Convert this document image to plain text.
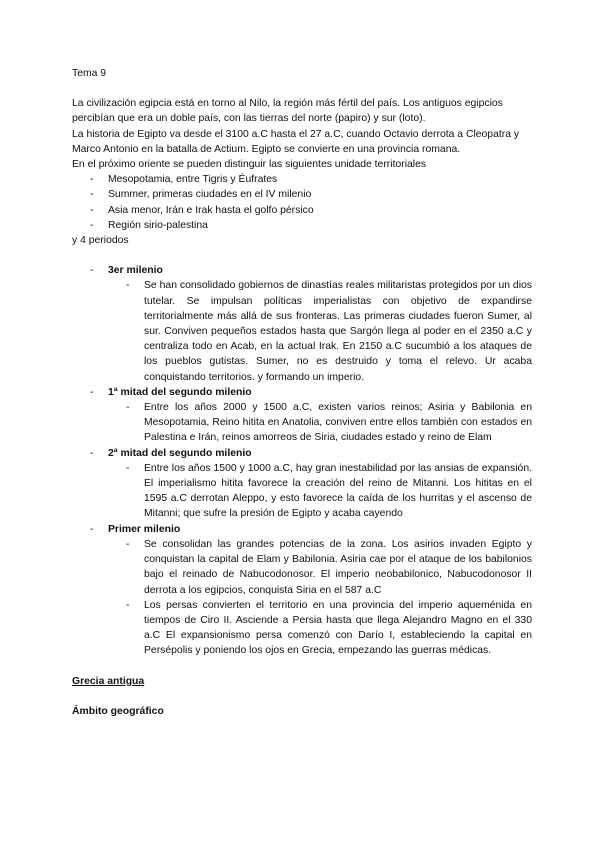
Tema 9

La civilización egipcia está en torno al Nilo, la región más fértil del país. Los antiguos egipcios percibían que era un doble país, con las tierras del norte (papiro) y sur (loto).

La historia de Egipto va desde el 3100 a.C hasta el 27 a.C, cuando Octavio derrota a Cleopatra y Marco Antonio en la batalla de Actium. Egipto se convierte en una provincia romana.

En el próximo oriente se pueden distinguir las siguientes unidade territoriales

- Mesopotamia, entre Tigris y Éufrates
- Summer, primeras ciudades en el IV milenio
- Asia menor, Irán e Irak hasta el golfo pérsico
- Región sirio-palestina

y 4 periodos

- 3er milenio
- Se han consolidado gobiernos de dinastías reales militaristas protegidos por un dios tutelar. Se impulsan políticas imperialistas con objetivo de expandirse territorialmente más allá de sus fronteras. Las primeras ciudades fueron Sumer, al sur. Conviven pequeños estados hasta que Sargón llega al poder en el 2350 a.C y centraliza todo en Acab, en la actual Irak. En 2150 a.C sucumbió a los ataques de los pueblos gutistas. Sumer, no es destruido y toma el relevo. Ur acaba conquistando territorios. y formando un imperio.
- 1ª mitad del segundo milenio
- Entre los años 2000 y 1500 a.C, existen varios reinos; Asiria y Babilonia en Mesopotamia, Reino hitita en Anatolia, conviven entre ellos también con estados en Palestina e Irán, reinos amorreos de Siria, ciudades estado y reino de Elam
- 2ª mitad del segundo milenio
- Entre los años 1500 y 1000 a.C, hay gran inestabilidad por las ansias de expansión. El imperialismo hitita favorece la creación del reino de Mitanni. Los hititas en el 1595 a.C derrotan Aleppo, y esto favorece la caída de los hurritas y el ascenso de Mitanni; que sufre la presión de Egipto y acaba cayendo
- Primer milenio
- Se consolidan las grandes potencias de la zona. Los asirios invaden Egipto y conquistan la capital de Elam y Babilonia. Asiria cae por el ataque de los babilonios bajo el reinado de Nabucodonosor. El imperio neobabilonico, Nabucodonosor II derrota a los egipcios, conquista Siria en el 587 a.C
- Los persas convierten el territorio en una provincia del imperio aqueménida en tiempos de Ciro II. Asciende a Persia hasta que llega Alejandro Magno en el 330 a.C El expansionismo persa comenzó con Darío I, estableciendo la capital en Persépolis y poniendo los ojos en Grecia, empezando las guerras médicas.

Grecia antigua

Ámbito geográfico
